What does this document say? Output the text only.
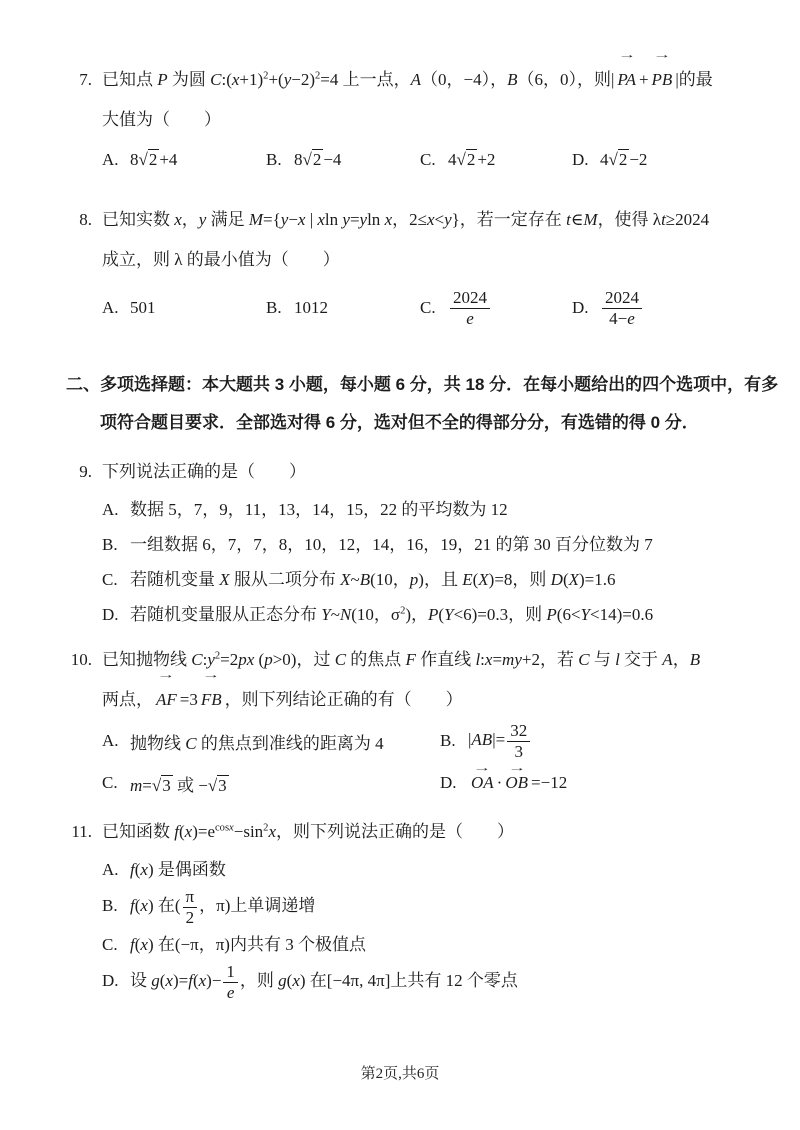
7. 已知点 P 为圆 $C:(x+1)^2+(y-2)^2=4$ 上一点，A（0，−4），B（6，0），则| → PA + → PB |的最
大值为（  ）
A. 8√2 +4	B. 8√2 −4	C. 4√2 +2	D. 4√2 −2
8. 已知实数 x，y 满足 M={y−x | xln y=yln x，2≤x<y}，若一定存在 t∈M，使得 λt≥2024
成立，则 λ 的最小值为（  ）
A. 501	B. 1012	C. $\frac{2024}{e}$	D. $\frac{2024}{4-e}$
二、多项选择题：本大题共 3 小题，每小题 6 分，共 18 分．在每小题给出的四个选项中，有多
项符合题目要求．全部选对得 6 分，选对但不全的得部分分，有选错的得 0 分．
9. 下列说法正确的是（  ）
A. 数据 5，7，9，11，13，14，15，22 的平均数为 12
B. 一组数据 6，7，7，8，10，12，14，16，19，21 的第 30 百分位数为 7
C. 若随机变量 X 服从二项分布 X~B(10，p)，且 E(X)=8，则 D(X)=1.6
D. 若随机变量服从正态分布 Y~N(10，$\sigma^2$)，P(Y<6)=0.3，则 P(6<Y<14)=0.6
10. 已知抛物线 $C:y^2=2px$ (p>0)，过 C 的焦点 F 作直线 l:x=my+2，若 C 与 l 交于 A，B
两点， → AF =3 → FB ，则下列结论正确的有（  ）
A. 抛物线 C 的焦点到准线的距离为 4	B. $|AB|= \frac{32}{3}$
C. m=√3 或 −√3	D. → OA · → OB =−12
11. 已知函数 $f(x)=e^{cosx}-\sin^2x$，则下列说法正确的是（  ）
A. f(x) 是偶函数
B. f(x) 在( $\frac{\pi}{2}$ ，π)上单调递增
C. f(x) 在(−π，π)内共有 3 个极值点
D. 设 $g(x)=f(x)- \frac{1}{e}$ ，则 g(x) 在[−4π, 4π]上共有 12 个零点
第2页,共6页
